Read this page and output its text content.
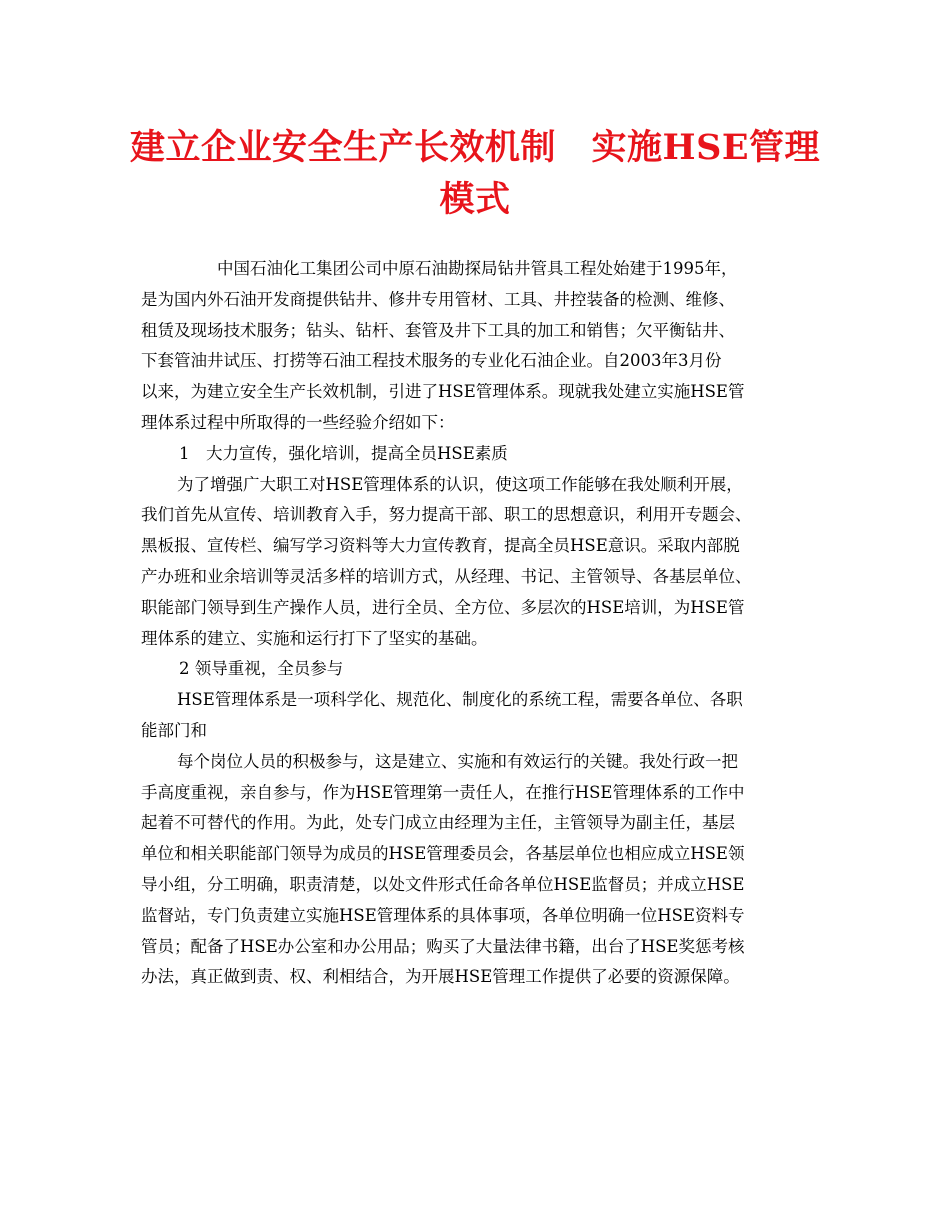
建立企业安全生产长效机制　实施HSE管理
模式
中国石油化工集团公司中原石油勘探局钻井管具工程处始建于1995年，
是为国内外石油开发商提供钻井、修井专用管材、工具、井控装备的检测、维修、
租赁及现场技术服务；钻头、钻杆、套管及井下工具的加工和销售；欠平衡钻井、
下套管油井试压、打捞等石油工程技术服务的专业化石油企业。自2003年3月份
以来，为建立安全生产长效机制，引进了HSE管理体系。现就我处建立实施HSE管
理体系过程中所取得的一些经验介绍如下：
1　大力宣传，强化培训，提高全员HSE素质
为了增强广大职工对HSE管理体系的认识，使这项工作能够在我处顺利开展，
我们首先从宣传、培训教育入手，努力提高干部、职工的思想意识，利用开专题会、
黑板报、宣传栏、编写学习资料等大力宣传教育，提高全员HSE意识。采取内部脱
产办班和业余培训等灵活多样的培训方式，从经理、书记、主管领导、各基层单位、
职能部门领导到生产操作人员，进行全员、全方位、多层次的HSE培训，为HSE管
理体系的建立、实施和运行打下了坚实的基础。
2 领导重视，全员参与
HSE管理体系是一项科学化、规范化、制度化的系统工程，需要各单位、各职
能部门和
每个岗位人员的积极参与，这是建立、实施和有效运行的关键。我处行政一把
手高度重视，亲自参与，作为HSE管理第一责任人，在推行HSE管理体系的工作中
起着不可替代的作用。为此，处专门成立由经理为主任，主管领导为副主任，基层
单位和相关职能部门领导为成员的HSE管理委员会，各基层单位也相应成立HSE领
导小组，分工明确，职责清楚，以处文件形式任命各单位HSE监督员；并成立HSE
监督站，专门负责建立实施HSE管理体系的具体事项，各单位明确一位HSE资料专
管员；配备了HSE办公室和办公用品；购买了大量法律书籍，出台了HSE奖惩考核
办法，真正做到责、权、利相结合，为开展HSE管理工作提供了必要的资源保障。
